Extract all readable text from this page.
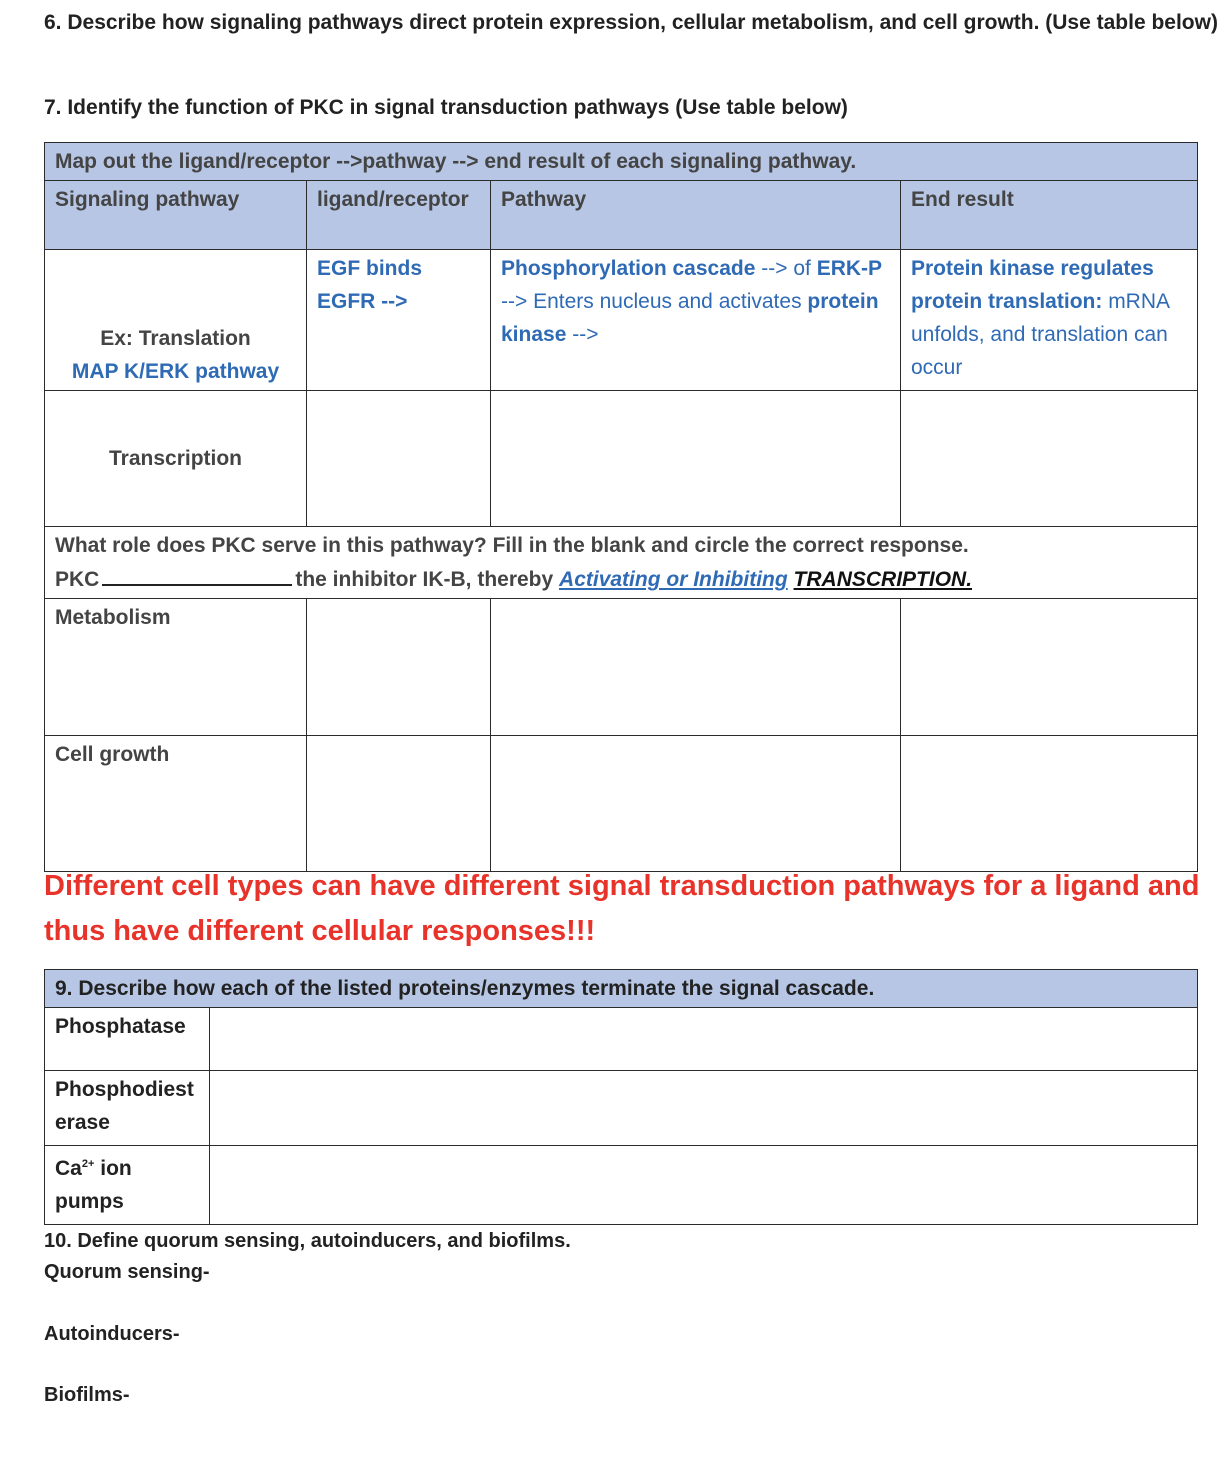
6. Describe how signaling pathways direct protein expression, cellular metabolism, and cell growth. (Use table below)
7. Identify the function of PKC in signal transduction pathways (Use table below)
Map out the ligand/receptor -->pathway --> end result of each signaling pathway.			
Signaling pathway	ligand/receptor	Pathway	End result

Ex: Translation
MAP K/ERK pathway	EGF binds EGFR -->	Phosphorylation cascade --> of ERK-P --> Enters nucleus and activates protein kinase -->	Protein kinase regulates protein translation: mRNA unfolds, and translation can occur
Transcription			

What role does PKC serve in this pathway? Fill in the blank and circle the correct response.
PKC the inhibitor IK-B, thereby Activating or Inhibiting TRANSCRIPTION.			

Metabolism			
Cell growth			
Different cell types can have different signal transduction pathways for a ligand and thus have different cellular responses!!!
9. Describe how each of the listed proteins/enzymes terminate the signal cascade.	
Phosphatase	
Phosphodiesterase	
$Ca^{2+}$ ion pumps	
10. Define quorum sensing, autoinducers, and biofilms.
Quorum sensing-
Autoinducers-
Biofilms-
